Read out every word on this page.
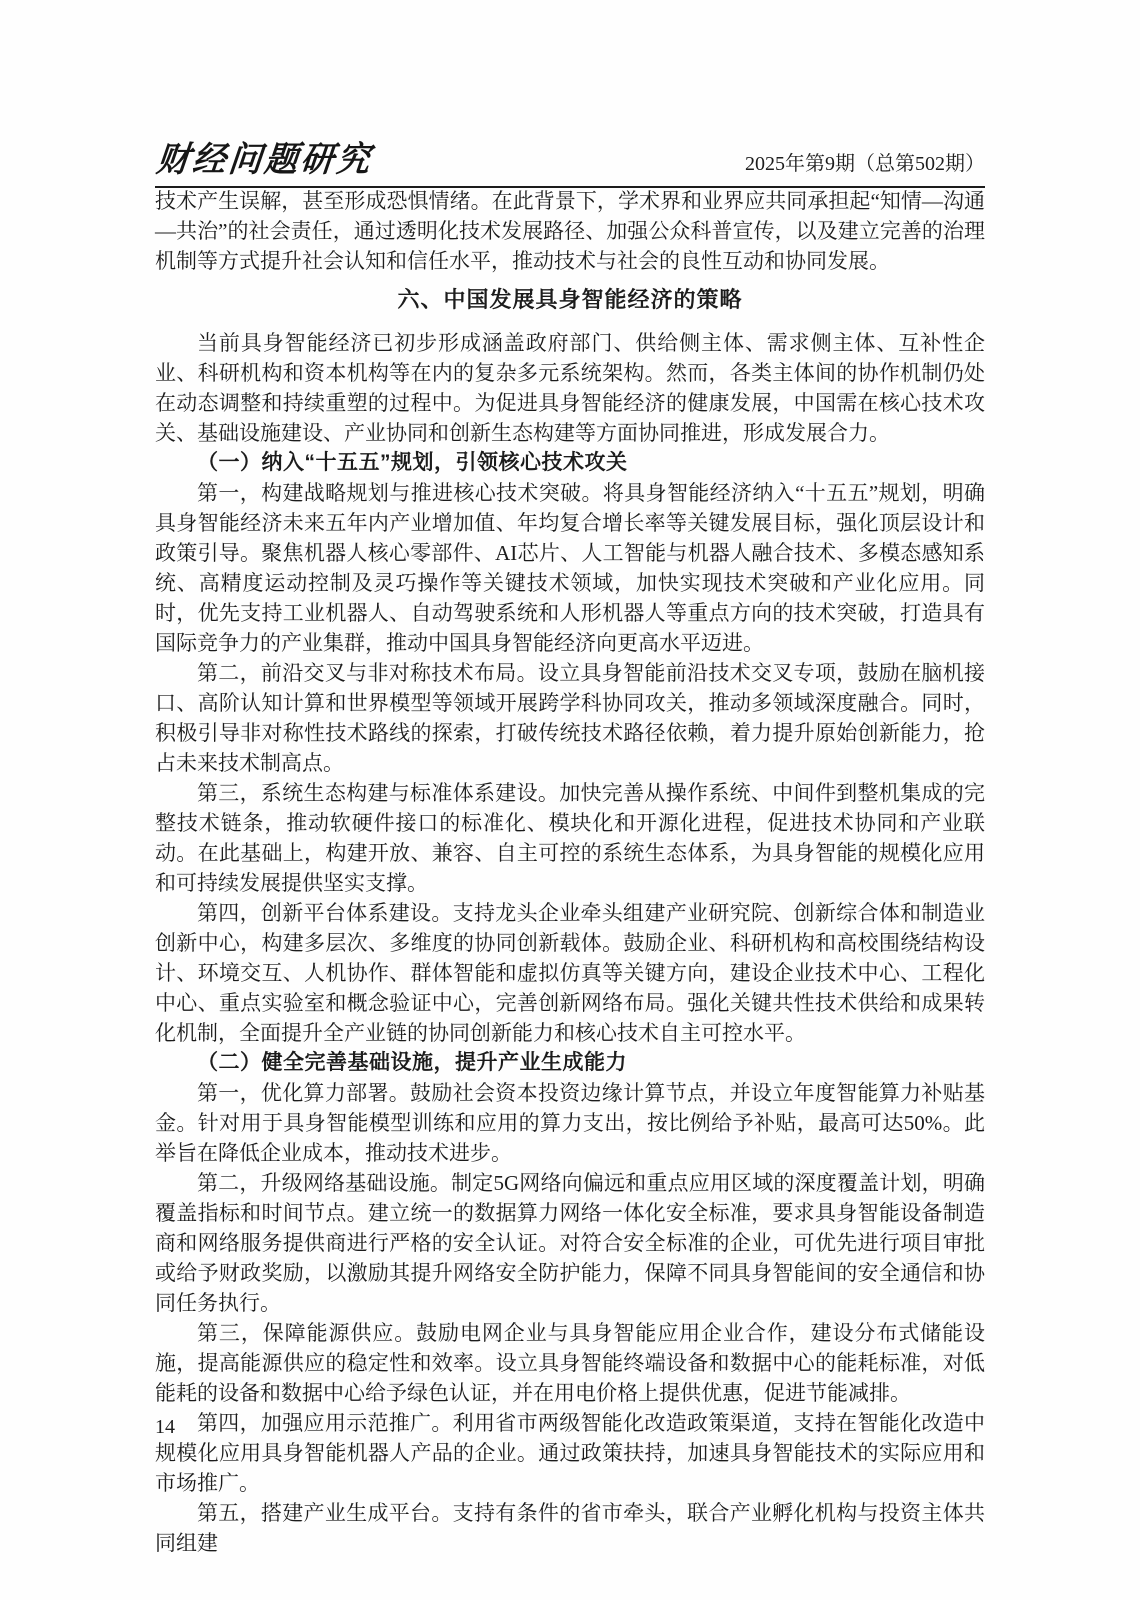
财经问题研究	2025年第9期（总第502期）

技术产生误解，甚至形成恐惧情绪。在此背景下，学术界和业界应共同承担起“知情—沟通—共治”的社会责任，通过透明化技术发展路径、加强公众科普宣传，以及建立完善的治理机制等方式提升社会认知和信任水平，推动技术与社会的良性互动和协同发展。

六、中国发展具身智能经济的策略

当前具身智能经济已初步形成涵盖政府部门、供给侧主体、需求侧主体、互补性企业、科研机构和资本机构等在内的复杂多元系统架构。然而，各类主体间的协作机制仍处在动态调整和持续重塑的过程中。为促进具身智能经济的健康发展，中国需在核心技术攻关、基础设施建设、产业协同和创新生态构建等方面协同推进，形成发展合力。

（一）纳入“十五五”规划，引领核心技术攻关

第一，构建战略规划与推进核心技术突破。将具身智能经济纳入“十五五”规划，明确具身智能经济未来五年内产业增加值、年均复合增长率等关键发展目标，强化顶层设计和政策引导。聚焦机器人核心零部件、AI芯片、人工智能与机器人融合技术、多模态感知系统、高精度运动控制及灵巧操作等关键技术领域，加快实现技术突破和产业化应用。同时，优先支持工业机器人、自动驾驶系统和人形机器人等重点方向的技术突破，打造具有国际竞争力的产业集群，推动中国具身智能经济向更高水平迈进。

第二，前沿交叉与非对称技术布局。设立具身智能前沿技术交叉专项，鼓励在脑机接口、高阶认知计算和世界模型等领域开展跨学科协同攻关，推动多领域深度融合。同时，积极引导非对称性技术路线的探索，打破传统技术路径依赖，着力提升原始创新能力，抢占未来技术制高点。

第三，系统生态构建与标准体系建设。加快完善从操作系统、中间件到整机集成的完整技术链条，推动软硬件接口的标准化、模块化和开源化进程，促进技术协同和产业联动。在此基础上，构建开放、兼容、自主可控的系统生态体系，为具身智能的规模化应用和可持续发展提供坚实支撑。

第四，创新平台体系建设。支持龙头企业牵头组建产业研究院、创新综合体和制造业创新中心，构建多层次、多维度的协同创新载体。鼓励企业、科研机构和高校围绕结构设计、环境交互、人机协作、群体智能和虚拟仿真等关键方向，建设企业技术中心、工程化中心、重点实验室和概念验证中心，完善创新网络布局。强化关键共性技术供给和成果转化机制，全面提升全产业链的协同创新能力和核心技术自主可控水平。

（二）健全完善基础设施，提升产业生成能力

第一，优化算力部署。鼓励社会资本投资边缘计算节点，并设立年度智能算力补贴基金。针对用于具身智能模型训练和应用的算力支出，按比例给予补贴，最高可达50%。此举旨在降低企业成本，推动技术进步。

第二，升级网络基础设施。制定5G网络向偏远和重点应用区域的深度覆盖计划，明确覆盖指标和时间节点。建立统一的数据算力网络一体化安全标准，要求具身智能设备制造商和网络服务提供商进行严格的安全认证。对符合安全标准的企业，可优先进行项目审批或给予财政奖励，以激励其提升网络安全防护能力，保障不同具身智能间的安全通信和协同任务执行。

第三，保障能源供应。鼓励电网企业与具身智能应用企业合作，建设分布式储能设施，提高能源供应的稳定性和效率。设立具身智能终端设备和数据中心的能耗标准，对低能耗的设备和数据中心给予绿色认证，并在用电价格上提供优惠，促进节能减排。

第四，加强应用示范推广。利用省市两级智能化改造政策渠道，支持在智能化改造中规模化应用具身智能机器人产品的企业。通过政策扶持，加速具身智能技术的实际应用和市场推广。

第五，搭建产业生成平台。支持有条件的省市牵头，联合产业孵化机构与投资主体共同组建

14
